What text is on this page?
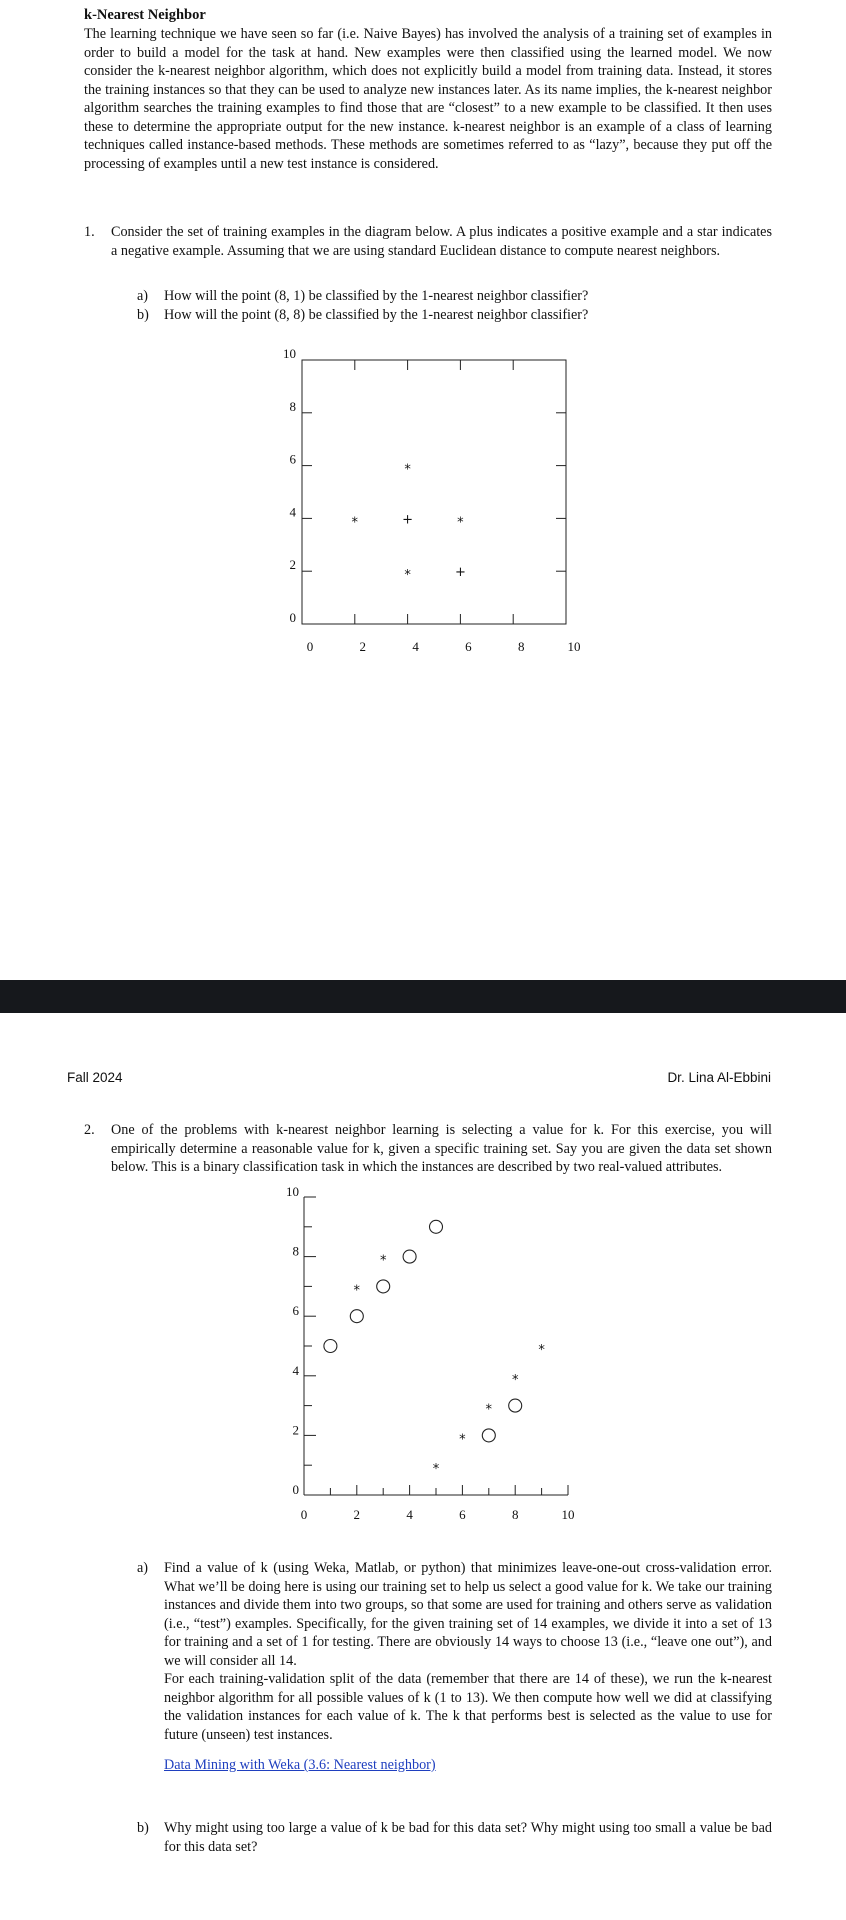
k-Nearest Neighbor
The learning technique we have seen so far (i.e. Naive Bayes) has involved the analysis of a training set of examples in order to build a model for the task at hand. New examples were then classified using the learned model. We now consider the k-nearest neighbor algorithm, which does not explicitly build a model from training data. Instead, it stores the training instances so that they can be used to analyze new instances later. As its name implies, the k-nearest neighbor algorithm searches the training examples to find those that are “closest” to a new example to be classified. It then uses these to determine the appropriate output for the new instance. k-nearest neighbor is an example of a class of learning techniques called instance-based methods. These methods are sometimes referred to as “lazy”, because they put off the processing of examples until a new test instance is considered.
1. Consider the set of training examples in the diagram below. A plus indicates a positive example and a star indicates a negative example. Assuming that we are using standard Euclidean distance to compute nearest neighbors.
a) How will the point (8, 1) be classified by the 1-nearest neighbor classifier?
b) How will the point (8, 8) be classified by the 1-nearest neighbor classifier?
0	2	4	6	8	10
0
2
4
6
8
10
+
+
*
*
*
*
Fall 2024	Dr. Lina Al-Ebbini
2. One of the problems with k-nearest neighbor learning is selecting a value for k. For this exercise, you will empirically determine a reasonable value for k, given a specific training set. Say you are given the data set shown below. This is a binary classification task in which the instances are described by two real-valued attributes.
0	2	4	6	8	10
0
2
4
6
8
10
*
*
*
*
*
*
*
a) Find a value of k (using Weka, Matlab, or python) that minimizes leave-one-out cross-validation error. What we’ll be doing here is using our training set to help us select a good value for k. We take our training instances and divide them into two groups, so that some are used for training and others serve as validation (i.e., “test”) examples. Specifically, for the given training set of 14 examples, we divide it into a set of 13 for training and a set of 1 for testing. There are obviously 14 ways to choose 13 (i.e., “leave one out”), and we will consider all 14.
For each training-validation split of the data (remember that there are 14 of these), we run the k-nearest neighbor algorithm for all possible values of k (1 to 13). We then compute how well we did at classifying the validation instances for each value of k. The k that performs best is selected as the value to use for future (unseen) test instances.
Data Mining with Weka (3.6: Nearest neighbor)
b) Why might using too large a value of k be bad for this data set? Why might using too small a value be bad for this data set?
